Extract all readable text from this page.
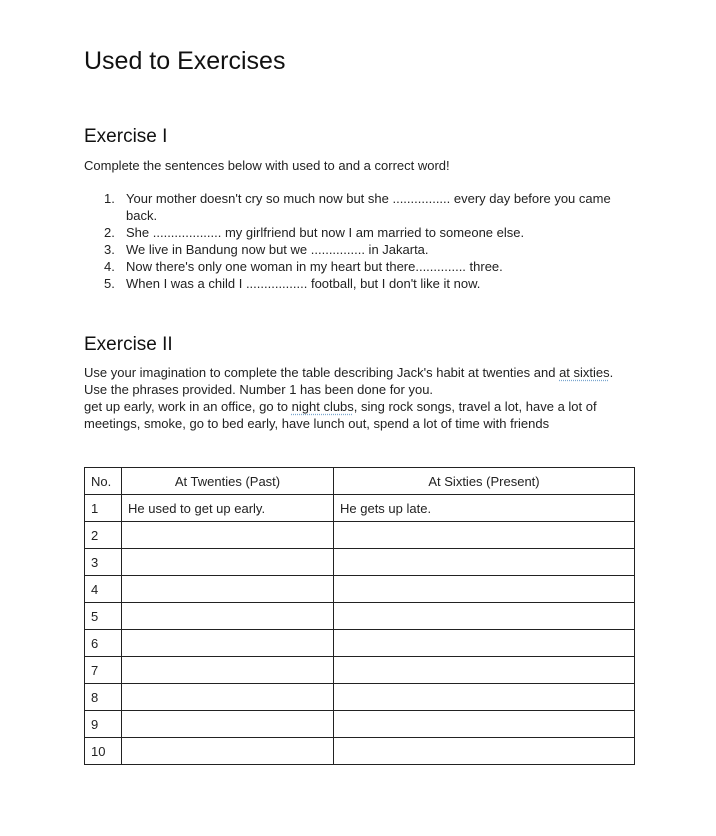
Used to Exercises
Exercise I

Complete the sentences below with used to and a correct word!

1. Your mother doesn't cry so much now but she ................ every day before you came back.
2. She ................... my girlfriend but now I am married to someone else.
3. We live in Bandung now but we ............... in Jakarta.
4. Now there's only one woman in my heart but there.............. three.
5. When I was a child I ................. football, but I don't like it now.
Exercise II

Use your imagination to complete the table describing Jack's habit at twenties and at sixties.
Use the phrases provided. Number 1 has been done for you.

get up early, work in an office, go to night clubs, sing rock songs, travel a lot, have a lot of meetings, smoke, go to bed early, have lunch out, spend a lot of time with friends

No.	At Twenties (Past)	At Sixties (Present)
1	He used to get up early.	He gets up late.
2		
3		
4		
5		
6		
7		
8		
9		
10		
